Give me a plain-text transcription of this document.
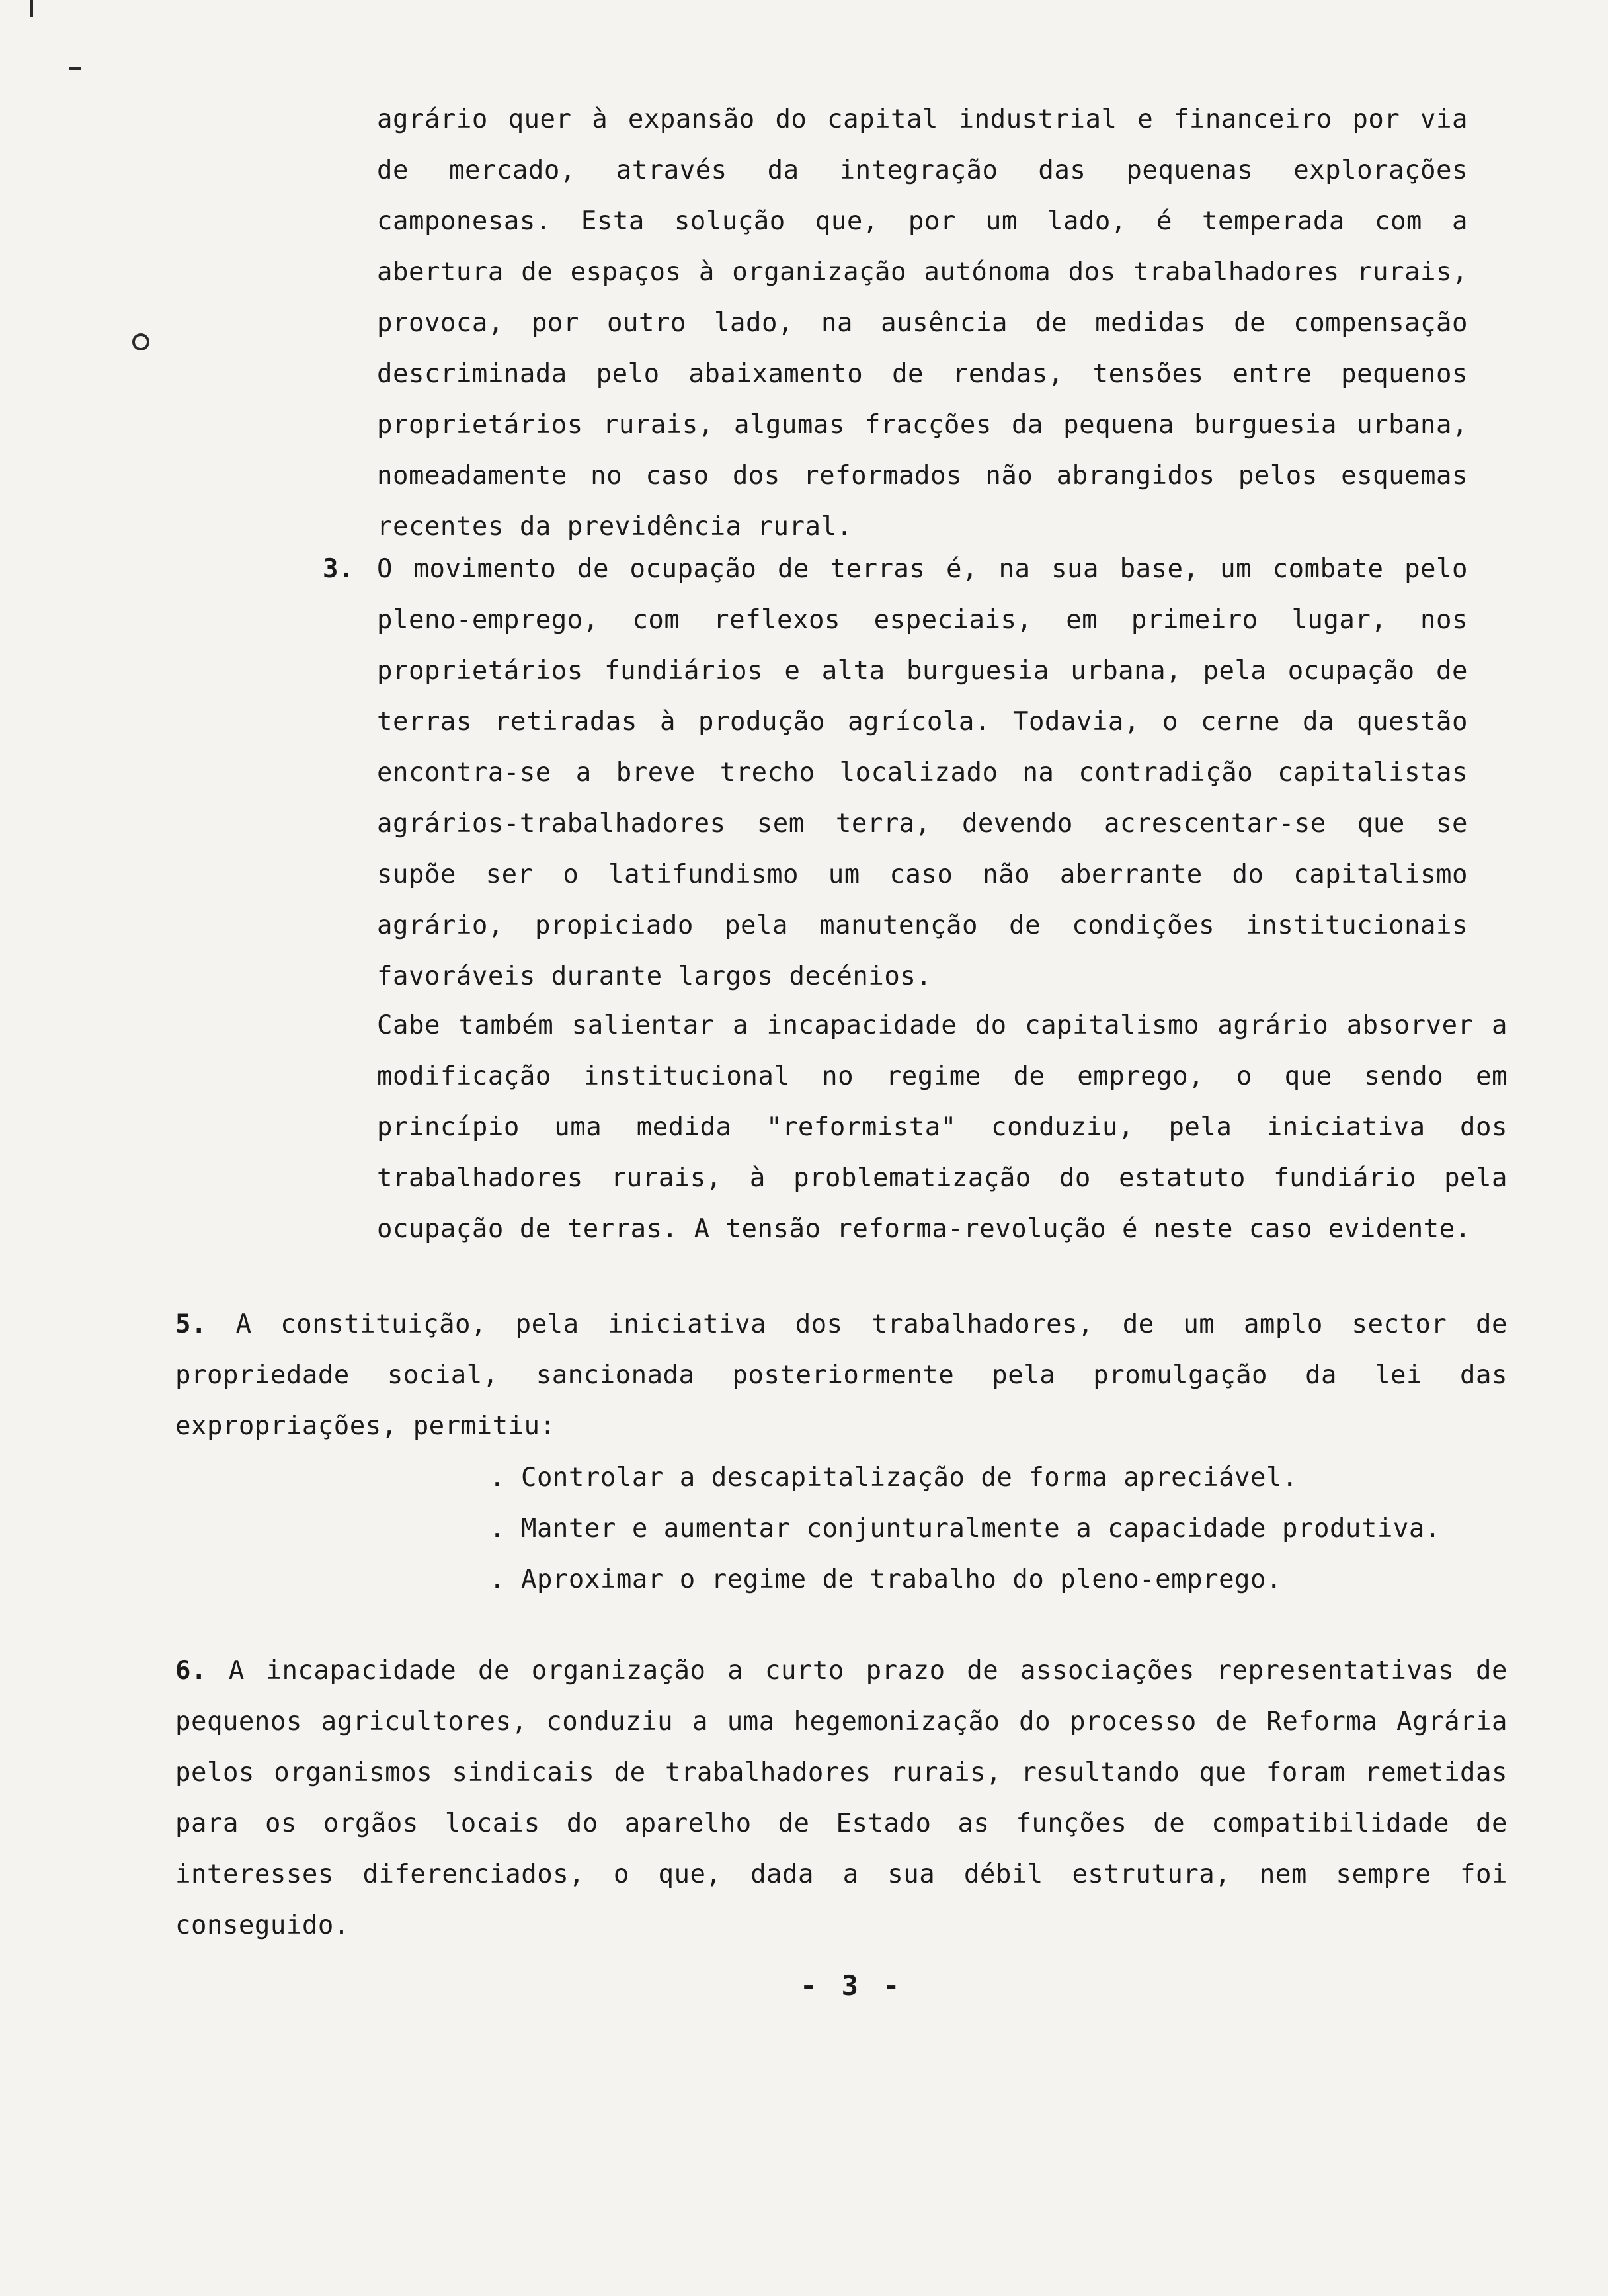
agrário quer à expansão do capital industrial e financeiro por via de mercado, através da integração das pequenas explorações camponesas. Esta solução que, por um lado, é temperada com a abertura de espaços à organização autónoma dos trabalhadores rurais, provoca, por outro lado, na ausência de medidas de compensação descriminada pelo abaixamento de rendas, tensões entre pequenos proprietários rurais, algumas fracções da pequena burguesia urbana, nomeadamente no caso dos reformados não abrangidos pelos esquemas recentes da previdência rural.

3. O movimento de ocupação de terras é, na sua base, um combate pelo pleno-emprego, com reflexos especiais, em primeiro lugar, nos proprietários fundiários e alta burguesia urbana, pela ocupação de terras retiradas à produção agrícola. Todavia, o cerne da questão encontra-se a breve trecho localizado na contradição capitalistas agrários-trabalhadores sem terra, devendo acrescentar-se que se supõe ser o latifundismo um caso não aberrante do capitalismo agrário, propiciado pela manutenção de condições institucionais favoráveis durante largos decénios.

Cabe também salientar a incapacidade do capitalismo agrário absorver a modificação institucional no regime de emprego, o que sendo em princípio uma medida "reformista" conduziu, pela iniciativa dos trabalhadores rurais, à problematização do estatuto fundiário pela ocupação de terras. A tensão reforma-revolução é neste caso evidente.

5. A constituição, pela iniciativa dos trabalhadores, de um amplo sector de propriedade social, sancionada posteriormente pela promulgação da lei das expropriações, permitiu:

. Controlar a descapitalização de forma apreciável.
. Manter e aumentar conjunturalmente a capacidade produtiva.
. Aproximar o regime de trabalho do pleno-emprego.

6. A incapacidade de organização a curto prazo de associações representativas de pequenos agricultores, conduziu a uma hegemonização do processo de Reforma Agrária pelos organismos sindicais de trabalhadores rurais, resultando que foram remetidas para os orgãos locais do aparelho de Estado as funções de compatibilidade de interesses diferenciados, o que, dada a sua débil estrutura, nem sempre foi conseguido.

- 3 -
